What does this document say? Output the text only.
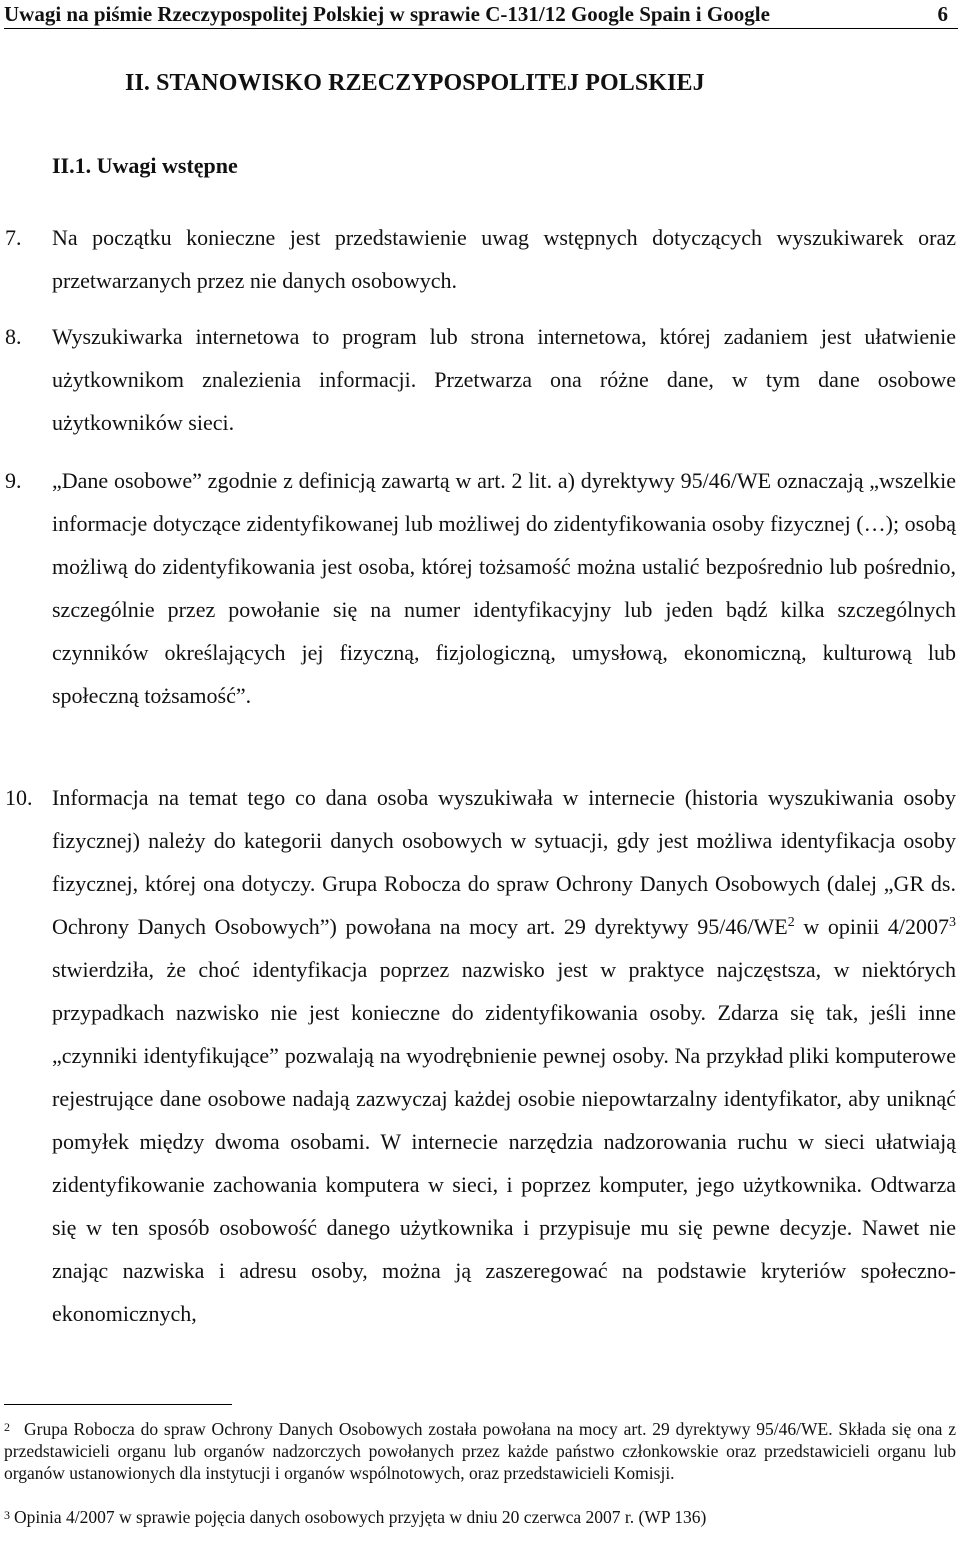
Uwagi na piśmie Rzeczypospolitej Polskiej w sprawie C-131/12 Google Spain i Google	6
II. STANOWISKO RZECZYPOSPOLITEJ POLSKIEJ
II.1. Uwagi wstępne
7. Na początku konieczne jest przedstawienie uwag wstępnych dotyczących wyszukiwarek oraz przetwarzanych przez nie danych osobowych.
8. Wyszukiwarka internetowa to program lub strona internetowa, której zadaniem jest ułatwienie użytkownikom znalezienia informacji. Przetwarza ona różne dane, w tym dane osobowe użytkowników sieci.
9. „Dane osobowe” zgodnie z definicją zawartą w art. 2 lit. a) dyrektywy 95/46/WE oznaczają „wszelkie informacje dotyczące zidentyfikowanej lub możliwej do zidentyfikowania osoby fizycznej (…); osobą możliwą do zidentyfikowania jest osoba, której tożsamość można ustalić bezpośrednio lub pośrednio, szczególnie przez powołanie się na numer identyfikacyjny lub jeden bądź kilka szczególnych czynników określających jej fizyczną, fizjologiczną, umysłową, ekonomiczną, kulturową lub społeczną tożsamość”.
10. Informacja na temat tego co dana osoba wyszukiwała w internecie (historia wyszukiwania osoby fizycznej) należy do kategorii danych osobowych w sytuacji, gdy jest możliwa identyfikacja osoby fizycznej, której ona dotyczy. Grupa Robocza do spraw Ochrony Danych Osobowych (dalej „GR ds. Ochrony Danych Osobowych”) powołana na mocy art. 29 dyrektywy 95/46/WE$^2$ w opinii 4/2007$^3$ stwierdziła, że choć identyfikacja poprzez nazwisko jest w praktyce najczęstsza, w niektórych przypadkach nazwisko nie jest konieczne do zidentyfikowania osoby. Zdarza się tak, jeśli inne „czynniki identyfikujące” pozwalają na wyodrębnienie pewnej osoby. Na przykład pliki komputerowe rejestrujące dane osobowe nadają zazwyczaj każdej osobie niepowtarzalny identyfikator, aby uniknąć pomyłek między dwoma osobami. W internecie narzędzia nadzorowania ruchu w sieci ułatwiają zidentyfikowanie zachowania komputera w sieci, i poprzez komputer, jego użytkownika. Odtwarza się w ten sposób osobowość danego użytkownika i przypisuje mu się pewne decyzje. Nawet nie znając nazwiska i adresu osoby, można ją zaszeregować na podstawie kryteriów społeczno-ekonomicznych,
$^2$ Grupa Robocza do spraw Ochrony Danych Osobowych została powołana na mocy art. 29 dyrektywy 95/46/WE. Składa się ona z przedstawicieli organu lub organów nadzorczych powołanych przez każde państwo członkowskie oraz przedstawicieli organu lub organów ustanowionych dla instytucji i organów wspólnotowych, oraz przedstawicieli Komisji.
$^3$ Opinia 4/2007 w sprawie pojęcia danych osobowych przyjęta w dniu 20 czerwca 2007 r. (WP 136)
